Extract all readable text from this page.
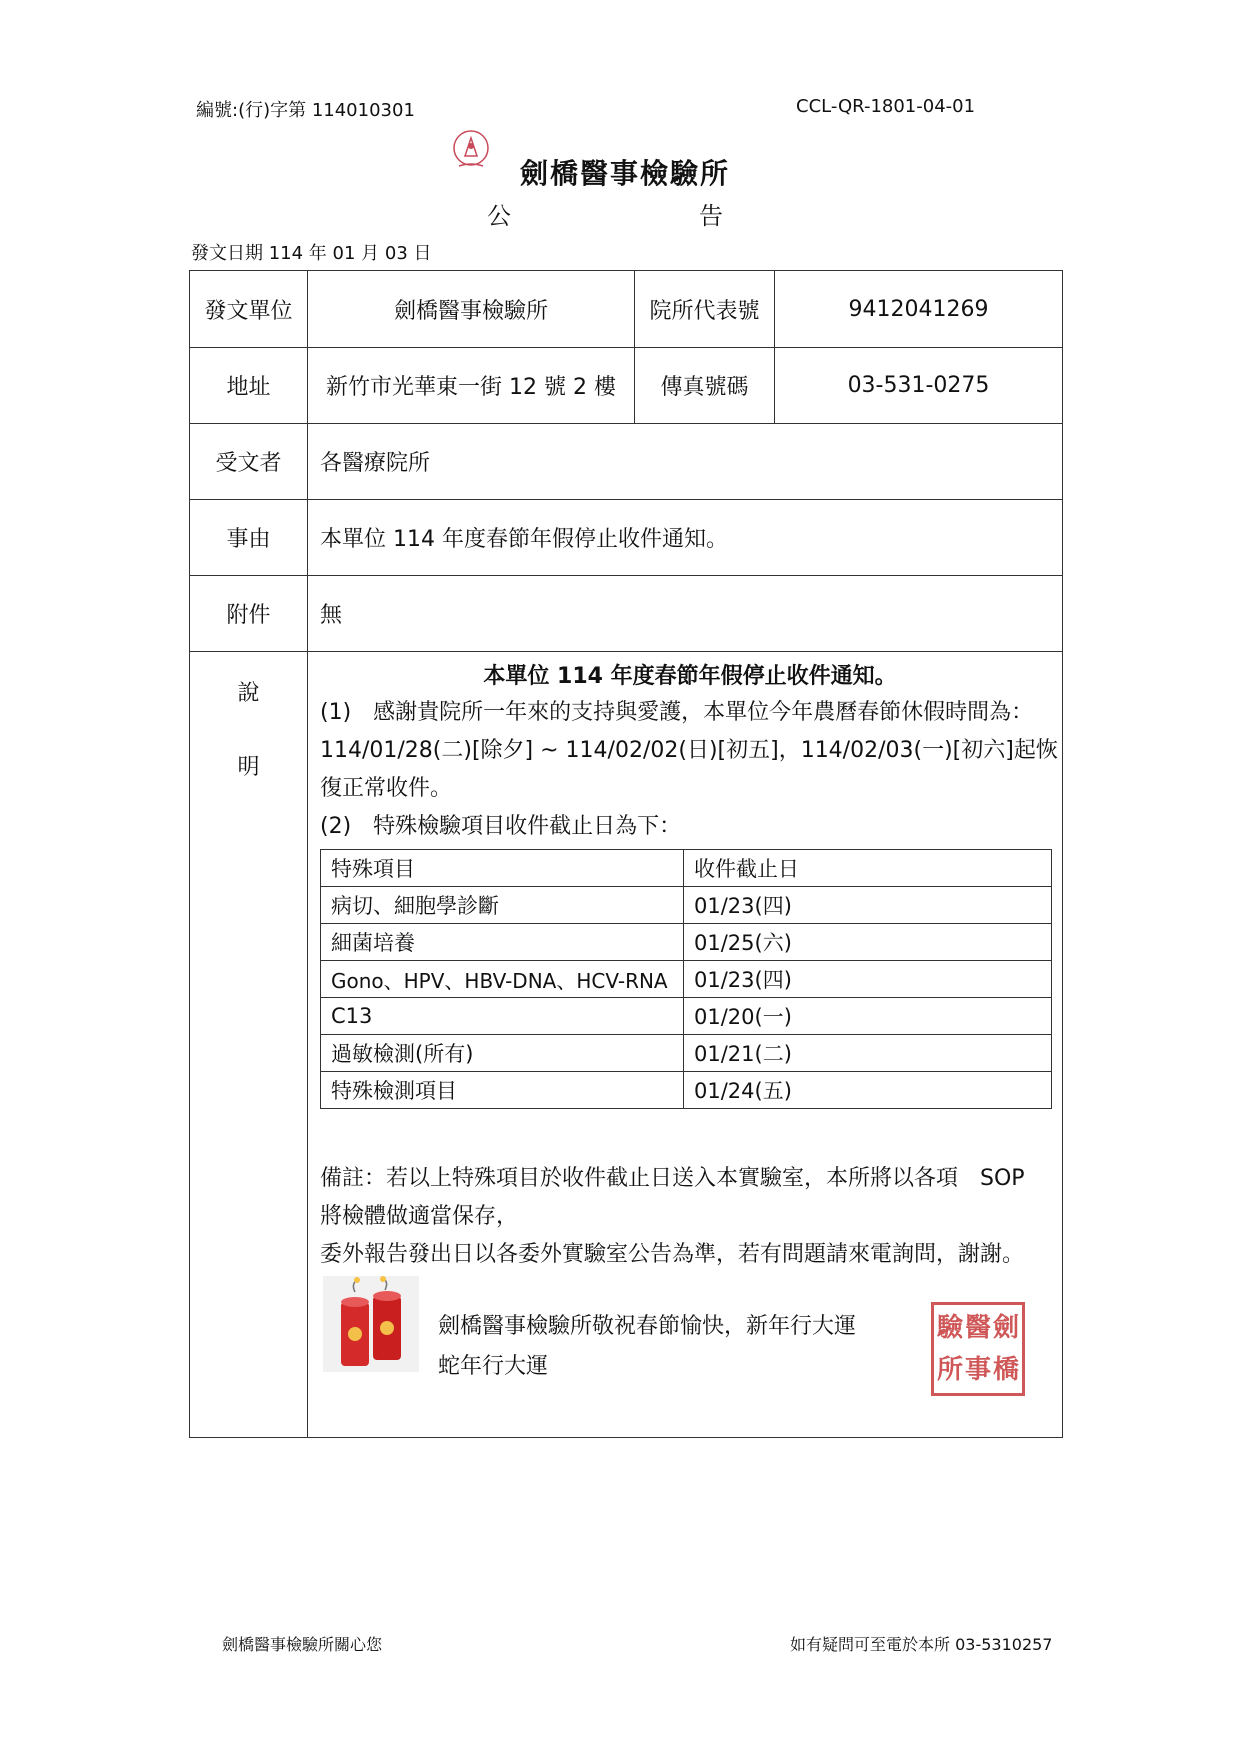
編號:(行)字第 114010301	CCL-QR-1801-04-01
劍橋醫事檢驗所
公	告
發文日期 114 年 01 月 03 日
發文單位	劍橋醫事檢驗所	院所代表號	9412041269
地址	新竹市光華東一街 12 號 2 樓	傳真號碼	03-531-0275
受文者	各醫療院所
事由	本單位 114 年度春節年假停止收件通知。
附件	無
說
明
本單位 114 年度春節年假停止收件通知。
(1)　感謝貴院所一年來的支持與愛護，本單位今年農曆春節休假時間為：
114/01/28(二)[除夕] ~ 114/02/02(日)[初五]，114/02/03(一)[初六]起恢
復正常收件。
(2)　特殊檢驗項目收件截止日為下：
特殊項目	收件截止日
病切、細胞學診斷	01/23(四)
細菌培養	01/25(六)
Gono、HPV、HBV-DNA、HCV-RNA	01/23(四)
C13	01/20(一)
過敏檢測(所有)	01/21(二)
特殊檢測項目	01/24(五)
備註：若以上特殊項目於收件截止日送入本實驗室，本所將以各項　SOP
將檢體做適當保存，
委外報告發出日以各委外實驗室公告為準，若有問題請來電詢問，謝謝。
劍橋醫事檢驗所敬祝春節愉快，新年行大運
蛇年行大運
驗 醫 劍
所 事 橋
劍橋醫事檢驗所關心您	如有疑問可至電於本所 03-5310257
